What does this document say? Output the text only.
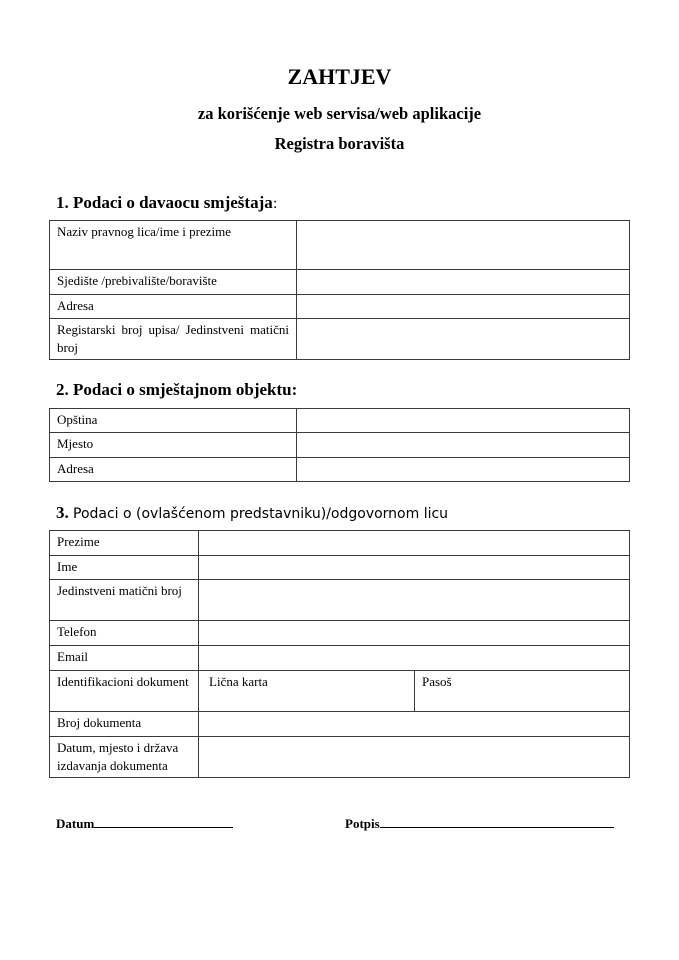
ZAHTJEV
za korišćenje web servisa/web aplikacije
Registra boravišta
1. Podaci o davaocu smještaja:
Naziv pravnog lica/ime i prezime	
Sjedište /prebivalište/boravište	
Adresa	
Registarski broj upisa/ Jedinstveni matični broj	
2. Podaci o smještajnom objektu:
Opština	
Mjesto	
Adresa	
3. Podaci o (ovlašćenom predstavniku)/odgovornom licu
Prezime		
Ime		
Jedinstveni matični broj		
Telefon		
Email		
Identifikacioni dokument	Lična karta	Pasoš
Broj dokumenta		
Datum, mjesto i država izdavanja dokumenta		
Datum	Potpis
